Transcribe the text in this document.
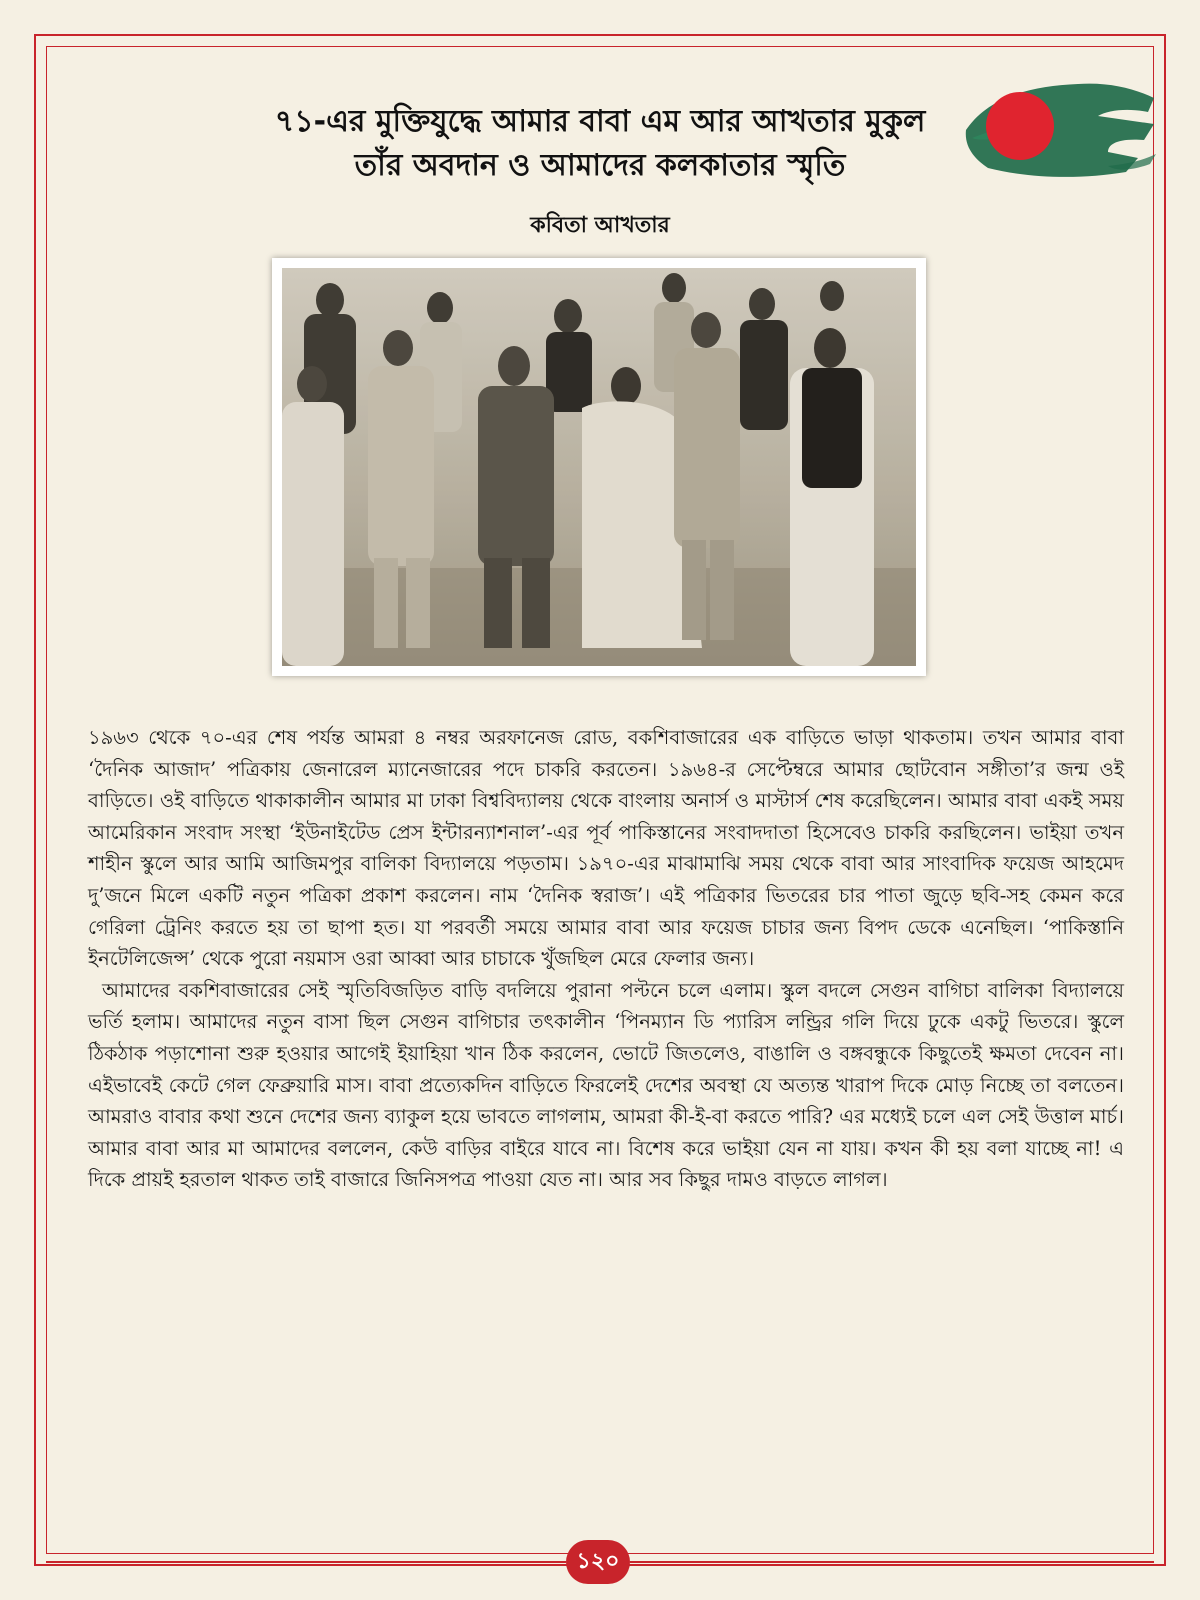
৭১-এর মুক্তিযুদ্ধে আমার বাবা এম আর আখতার মুকুল
তাঁর অবদান ও আমাদের কলকাতার স্মৃতি
কবিতা আখতার

১৯৬৩ থেকে ৭০-এর শেষ পর্যন্ত আমরা ৪ নম্বর অরফানেজ রোড, বকশিবাজারের এক বাড়িতে ভাড়া থাকতাম। তখন আমার বাবা ‘দৈনিক আজাদ’ পত্রিকায় জেনারেল ম্যানেজারের পদে চাকরি করতেন। ১৯৬৪-র সেপ্টেম্বরে আমার ছোটবোন সঙ্গীতা’র জন্ম ওই বাড়িতে। ওই বাড়িতে থাকাকালীন আমার মা ঢাকা বিশ্ববিদ্যালয় থেকে বাংলায় অনার্স ও মাস্টার্স শেষ করেছিলেন। আমার বাবা একই সময় আমেরিকান সংবাদ সংস্থা ‘ইউনাইটেড প্রেস ইন্টারন্যাশনাল’-এর পূর্ব পাকিস্তানের সংবাদদাতা হিসেবেও চাকরি করছিলেন। ভাইয়া তখন শাহীন স্কুলে আর আমি আজিমপুর বালিকা বিদ্যালয়ে পড়তাম। ১৯৭০-এর মাঝামাঝি সময় থেকে বাবা আর সাংবাদিক ফয়েজ আহমেদ দু’জনে মিলে একটি নতুন পত্রিকা প্রকাশ করলেন। নাম ‘দৈনিক স্বরাজ’। এই পত্রিকার ভিতরের চার পাতা জুড়ে ছবি-সহ কেমন করে গেরিলা ট্রেনিং করতে হয় তা ছাপা হত। যা পরবর্তী সময়ে আমার বাবা আর ফয়েজ চাচার জন্য বিপদ ডেকে এনেছিল। ‘পাকিস্তানি ইনটেলিজেন্স’ থেকে পুরো নয়মাস ওরা আব্বা আর চাচাকে খুঁজছিল মেরে ফেলার জন্য।

আমাদের বকশিবাজারের সেই স্মৃতিবিজড়িত বাড়ি বদলিয়ে পুরানা পল্টনে চলে এলাম। স্কুল বদলে সেগুন বাগিচা বালিকা বিদ্যালয়ে ভর্তি হলাম। আমাদের নতুন বাসা ছিল সেগুন বাগিচার তৎকালীন ‘পিনম্যান ডি প্যারিস লন্ড্রির গলি দিয়ে ঢুকে একটু ভিতরে। স্কুলে ঠিকঠাক পড়াশোনা শুরু হওয়ার আগেই ইয়াহিয়া খান ঠিক করলেন, ভোটে জিতলেও, বাঙালি ও বঙ্গবন্ধুকে কিছুতেই ক্ষমতা দেবেন না। এইভাবেই কেটে গেল ফেব্রুয়ারি মাস। বাবা প্রত্যেকদিন বাড়িতে ফিরলেই দেশের অবস্থা যে অত্যন্ত খারাপ দিকে মোড় নিচ্ছে তা বলতেন। আমরাও বাবার কথা শুনে দেশের জন্য ব্যাকুল হয়ে ভাবতে লাগলাম, আমরা কী-ই-বা করতে পারি? এর মধ্যেই চলে এল সেই উত্তাল মার্চ। আমার বাবা আর মা আমাদের বললেন, কেউ বাড়ির বাইরে যাবে না। বিশেষ করে ভাইয়া যেন না যায়। কখন কী হয় বলা যাচ্ছে না! এ দিকে প্রায়ই হরতাল থাকত তাই বাজারে জিনিসপত্র পাওয়া যেত না। আর সব কিছুর দামও বাড়তে লাগল।

১২০
